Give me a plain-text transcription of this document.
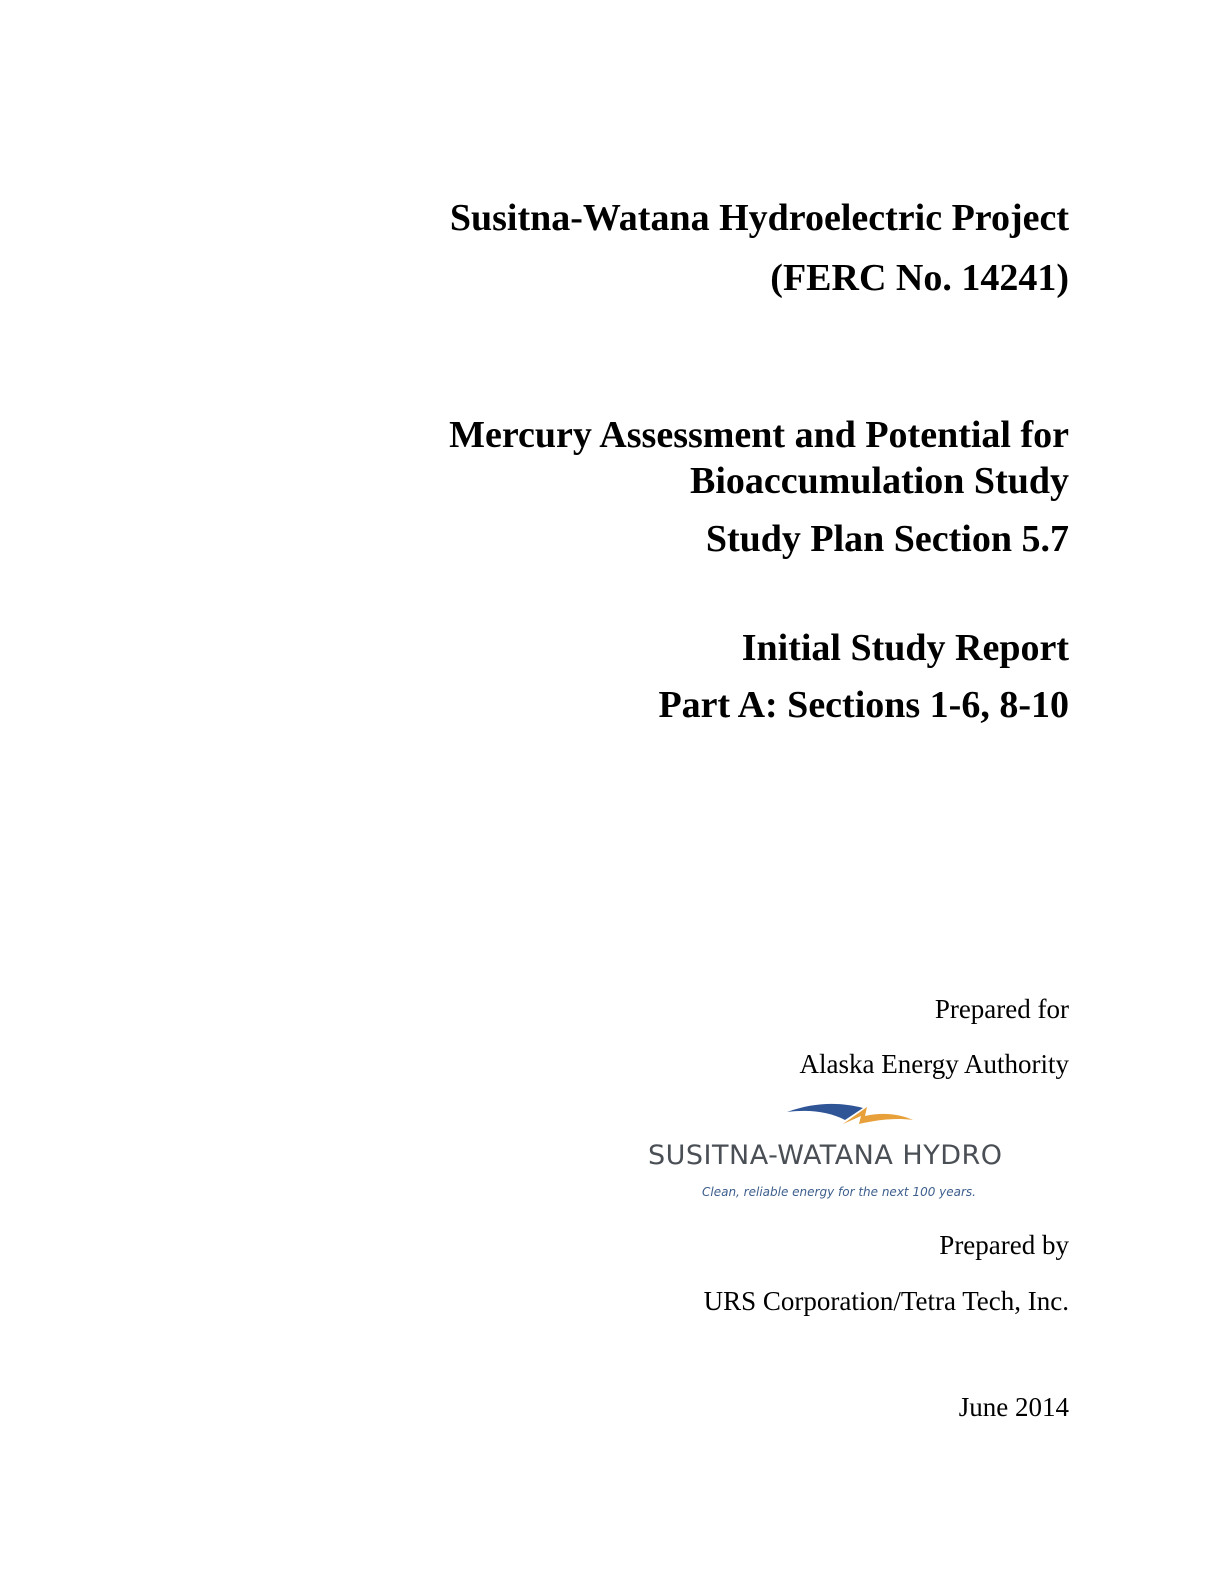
Susitna-Watana Hydroelectric Project
(FERC No. 14241)
Mercury Assessment and Potential for
Bioaccumulation Study
Study Plan Section 5.7
Initial Study Report
Part A: Sections 1-6, 8-10
Prepared for
Alaska Energy Authority
SUSITNA-WATANA HYDRO
Clean, reliable energy for the next 100 years.
Prepared by
URS Corporation/Tetra Tech, Inc.
June 2014
